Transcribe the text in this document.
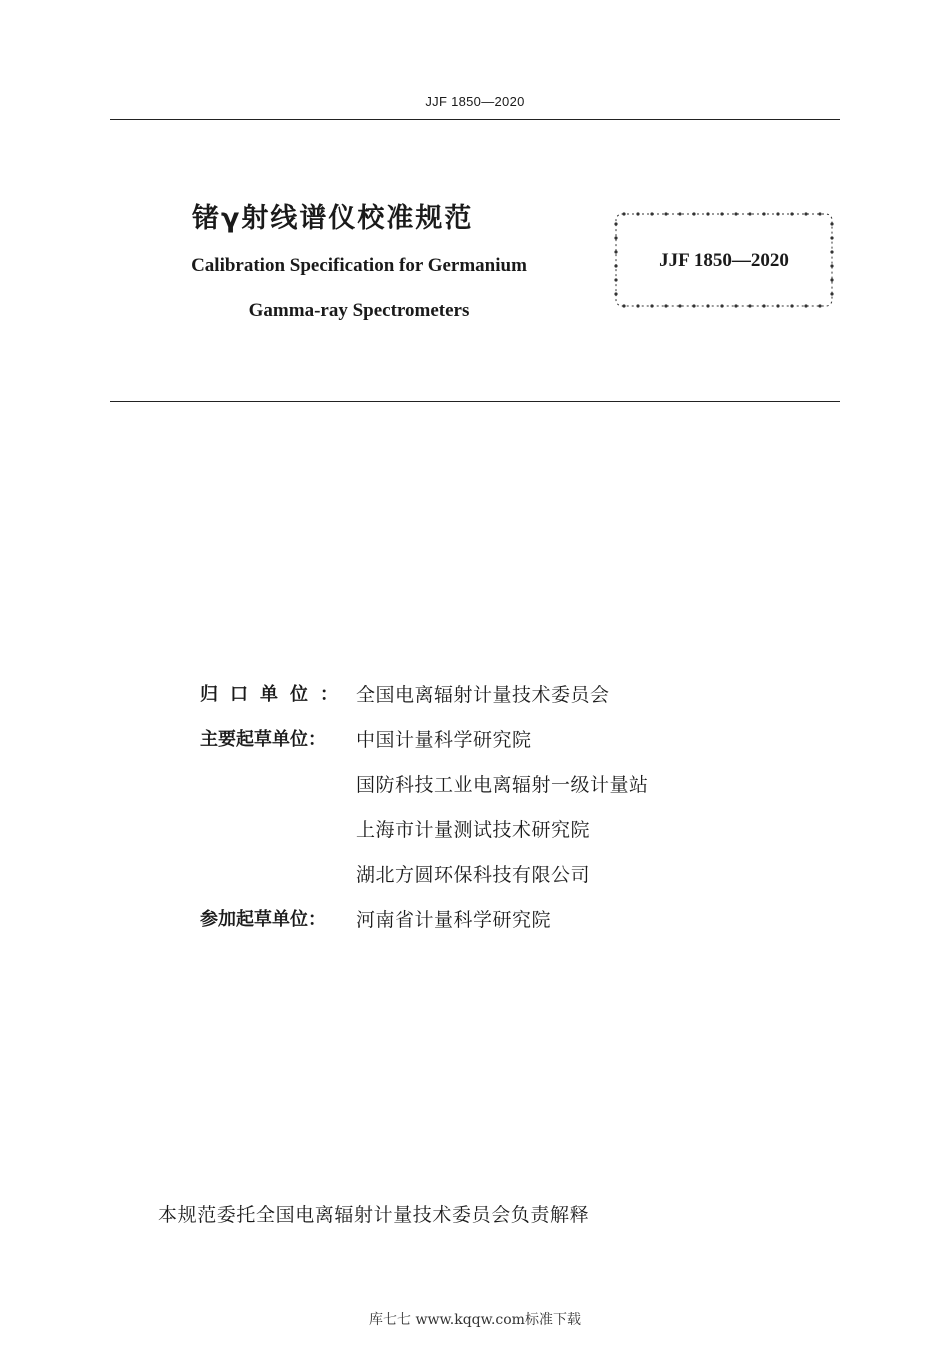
JJF 1850—2020
锗γ射线谱仪校准规范
Calibration Specification for Germanium
Gamma-ray Spectrometers
JJF 1850—2020
归口单位： 全国电离辐射计量技术委员会
主要起草单位：	中国计量科学研究院
国防科技工业电离辐射一级计量站
上海市计量测试技术研究院
湖北方圆环保科技有限公司
参加起草单位：	河南省计量科学研究院
本规范委托全国电离辐射计量技术委员会负责解释
库七七 www.kqqw.com标准下载
